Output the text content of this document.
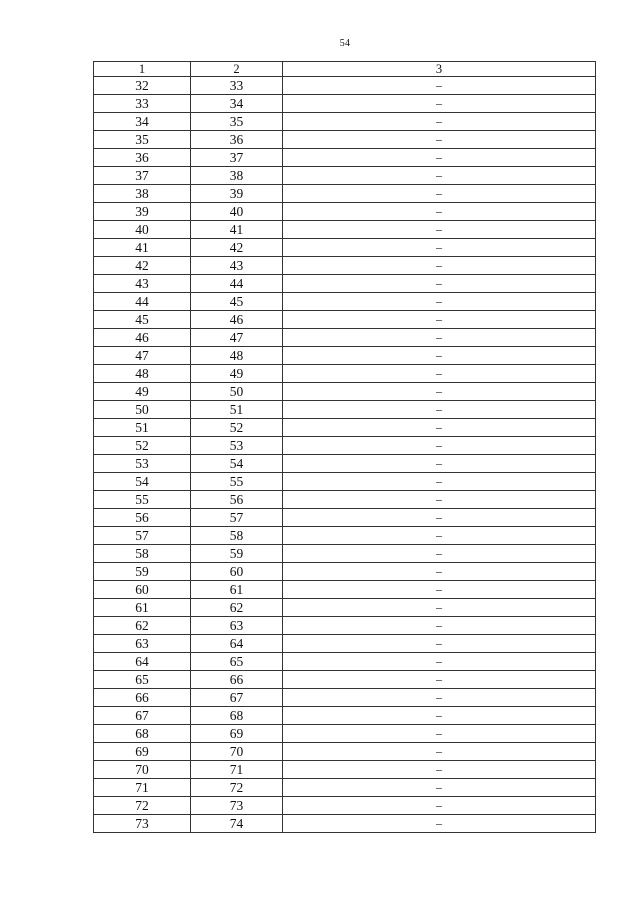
54
1	2	3
32	33	–
33	34	–
34	35	–
35	36	–
36	37	–
37	38	–
38	39	–
39	40	–
40	41	–
41	42	–
42	43	–
43	44	–
44	45	–
45	46	–
46	47	–
47	48	–
48	49	–
49	50	–
50	51	–
51	52	–
52	53	–
53	54	–
54	55	–
55	56	–
56	57	–
57	58	–
58	59	–
59	60	–
60	61	–
61	62	–
62	63	–
63	64	–
64	65	–
65	66	–
66	67	–
67	68	–
68	69	–
69	70	–
70	71	–
71	72	–
72	73	–
73	74	–
